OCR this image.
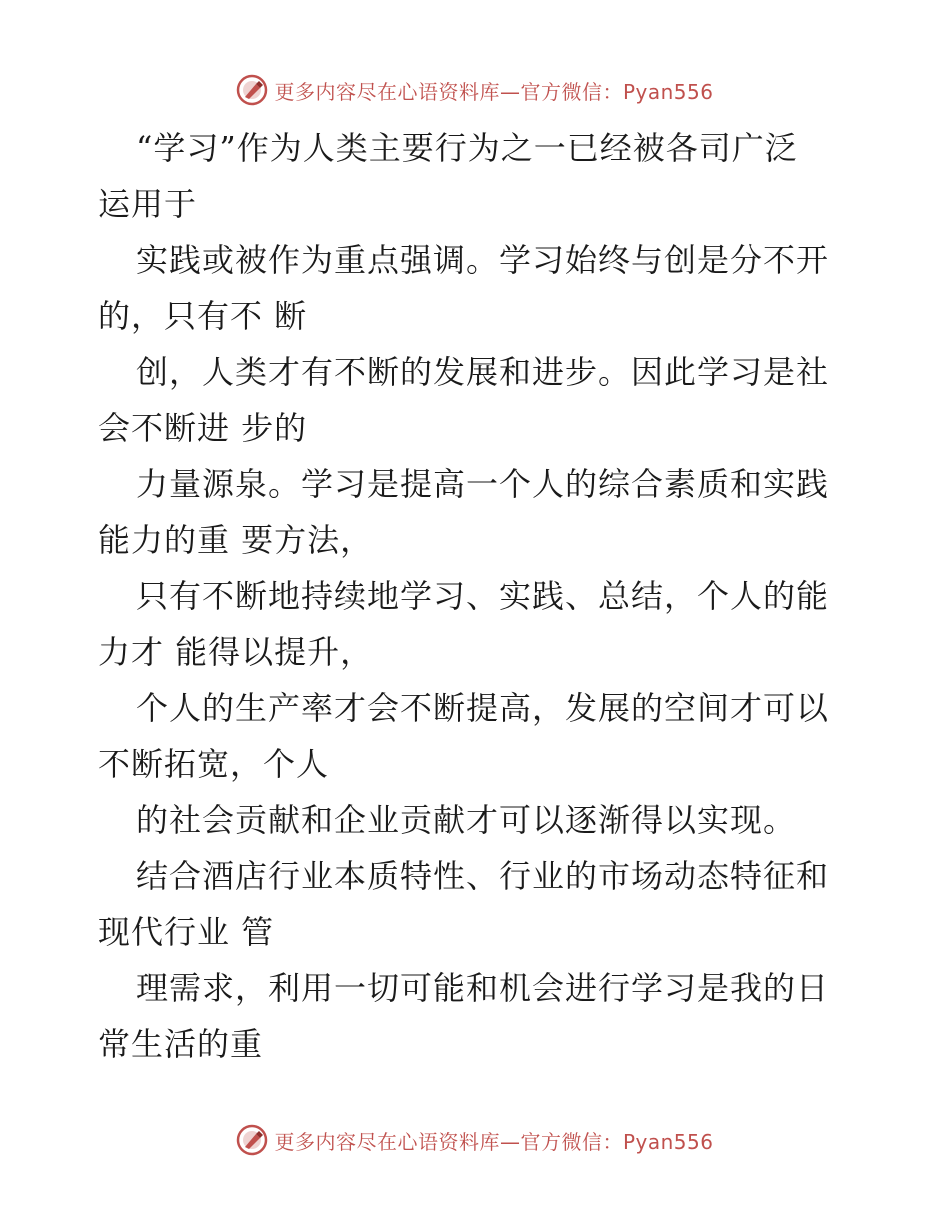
更多内容尽在心语资料库—官方微信：Pyan556
“学习”作为人类主要行为之一已经被各司广泛
运用于
实践或被作为重点强调。学习始终与创是分不开
的，只有不 断
创，人类才有不断的发展和进步。因此学习是社
会不断进 步的
力量源泉。学习是提高一个人的综合素质和实践
能力的重 要方法，
只有不断地持续地学习、实践、总结，个人的能
力才 能得以提升，
个人的生产率才会不断提高，发展的空间才可以
不断拓宽，个人
的社会贡献和企业贡献才可以逐渐得以实现。
结合酒店行业本质特性、行业的市场动态特征和
现代行业 管
理需求，利用一切可能和机会进行学习是我的日
常生活的重
更多内容尽在心语资料库—官方微信：Pyan556
